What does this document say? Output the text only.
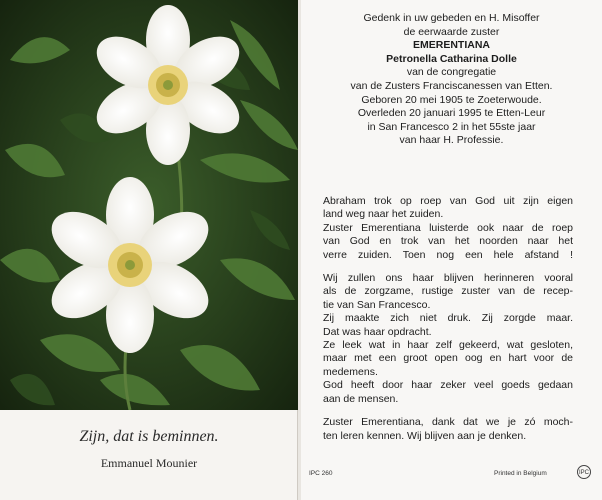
Zijn, dat is beminnen.
Emmanuel Mounier
Gedenk in uw gebeden en H. Misoffer
de eerwaarde zuster
EMERENTIANA
Petronella Catharina Dolle
van de congregatie
van de Zusters Franciscanessen van Etten.
Geboren 20 mei 1905 te Zoeterwoude.
Overleden 20 januari 1995 te Etten-Leur
in San Francesco 2 in het 55ste jaar
van haar H. Professie.

Abraham trok op roep van God uit zijn eigen
land weg naar het zuiden.
Zuster Emerentiana luisterde ook naar de roep
van God en trok van het noorden naar het
verre zuiden. Toen nog een hele afstand !

Wij zullen ons haar blijven herinneren vooral
als de zorgzame, rustige zuster van de recep-
tie van San Francesco.
Zij maakte zich niet druk. Zij zorgde maar.
Dat was haar opdracht.
Ze leek wat in haar zelf gekeerd, wat gesloten,
maar met een groot open oog en hart voor de
medemens.
God heeft door haar zeker veel goeds gedaan
aan de mensen.

Zuster Emerentiana, dank dat we je zó moch-
ten leren kennen. Wij blijven aan je denken.

IPC 260	Printed in Belgium	IPC
